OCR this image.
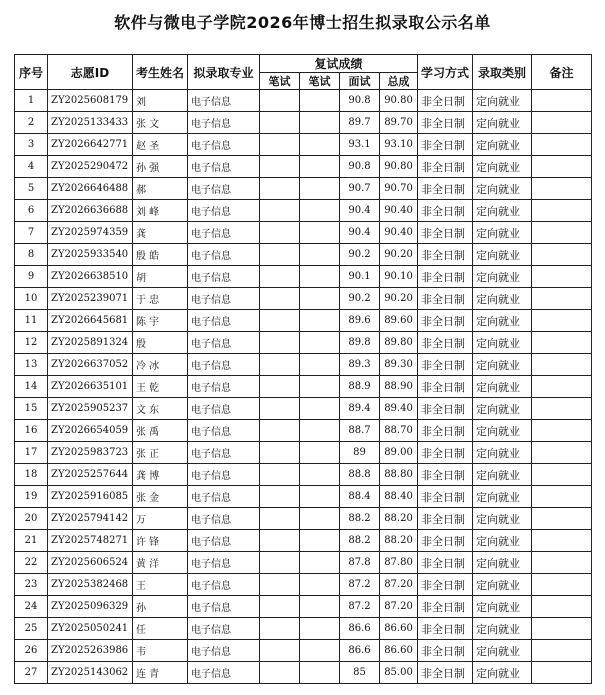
软件与微电子学院2026年博士招生拟录取公示名单
序号	志愿ID	考生姓名	拟录取专业	复试成绩				学习方式	录取类别	备注
				笔试	笔试	面试	总成			
1	ZY2025608179	刘	电子信息			90.8	90.80	非全日制	定向就业	
2	ZY2025133433	张 文	电子信息			89.7	89.70	非全日制	定向就业	
3	ZY2026642771	赵 圣	电子信息			93.1	93.10	非全日制	定向就业	
4	ZY2025290472	孙 强	电子信息			90.8	90.80	非全日制	定向就业	
5	ZY2026646488	郝	电子信息			90.7	90.70	非全日制	定向就业	
6	ZY2026636688	刘 峰	电子信息			90.4	90.40	非全日制	定向就业	
7	ZY2025974359	龚	电子信息			90.4	90.40	非全日制	定向就业	
8	ZY2025933540	殷 皓	电子信息			90.2	90.20	非全日制	定向就业	
9	ZY2026638510	胡	电子信息			90.1	90.10	非全日制	定向就业	
10	ZY2025239071	于 忠	电子信息			90.2	90.20	非全日制	定向就业	
11	ZY2026645681	陈 宇	电子信息			89.6	89.60	非全日制	定向就业	
12	ZY2025891324	殷	电子信息			89.8	89.80	非全日制	定向就业	
13	ZY2026637052	冷 冰	电子信息			89.3	89.30	非全日制	定向就业	
14	ZY2026635101	王 乾	电子信息			88.9	88.90	非全日制	定向就业	
15	ZY2025905237	文 东	电子信息			89.4	89.40	非全日制	定向就业	
16	ZY2026654059	张 禹	电子信息			88.7	88.70	非全日制	定向就业	
17	ZY2025983723	张 正	电子信息			89	89.00	非全日制	定向就业	
18	ZY2025257644	龚 博	电子信息			88.8	88.80	非全日制	定向就业	
19	ZY2025916085	张 金	电子信息			88.4	88.40	非全日制	定向就业	
20	ZY2025794142	万	电子信息			88.2	88.20	非全日制	定向就业	
21	ZY2025748271	许 锋	电子信息			88.2	88.20	非全日制	定向就业	
22	ZY2025606524	黄 洋	电子信息			87.8	87.80	非全日制	定向就业	
23	ZY2025382468	王	电子信息			87.2	87.20	非全日制	定向就业	
24	ZY2025096329	孙	电子信息			87.2	87.20	非全日制	定向就业	
25	ZY2025050241	任	电子信息			86.6	86.60	非全日制	定向就业	
26	ZY2025263986	韦	电子信息			86.6	86.60	非全日制	定向就业	
27	ZY2025143062	连 青	电子信息			85	85.00	非全日制	定向就业	
